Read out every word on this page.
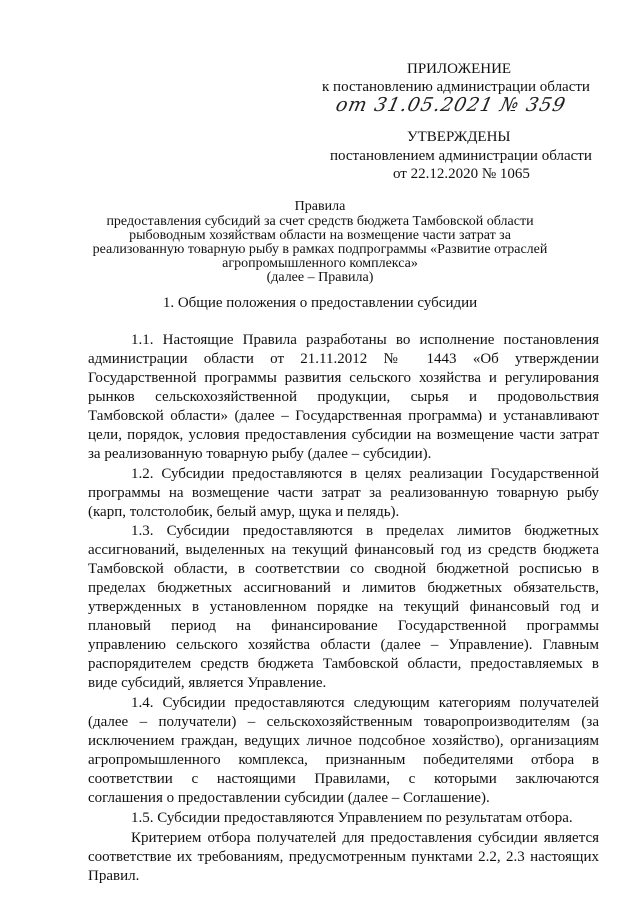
ПРИЛОЖЕНИЕ
к постановлению администрации области
от 31.05.2021 № 359
УТВЕРЖДЕНЫ
постановлением администрации области
от 22.12.2020 № 1065
Правила
предоставления субсидий за счет средств бюджета Тамбовской области
рыбоводным хозяйствам области на возмещение части затрат за
реализованную товарную рыбу в рамках подпрограммы «Развитие отраслей
агропромышленного комплекса»
(далее – Правила)
1. Общие положения о предоставлении субсидии
1.1. Настоящие Правила разработаны во исполнение постановления
администрации области от 21.11.2012 № 1443 «Об утверждении
Государственной программы развития сельского хозяйства и регулирования
рынков сельскохозяйственной продукции, сырья и продовольствия
Тамбовской области» (далее – Государственная программа) и устанавливают
цели, порядок, условия предоставления субсидии на возмещение части затрат
за реализованную товарную рыбу (далее – субсидии).
1.2. Субсидии предоставляются в целях реализации Государственной
программы на возмещение части затрат за реализованную товарную рыбу
(карп, толстолобик, белый амур, щука и пелядь).
1.3. Субсидии предоставляются в пределах лимитов бюджетных
ассигнований, выделенных на текущий финансовый год из средств бюджета
Тамбовской области, в соответствии со сводной бюджетной росписью в
пределах бюджетных ассигнований и лимитов бюджетных обязательств,
утвержденных в установленном порядке на текущий финансовый год и
плановый период на финансирование Государственной программы
управлению сельского хозяйства области (далее – Управление). Главным
распорядителем средств бюджета Тамбовской области, предоставляемых в
виде субсидий, является Управление.
1.4. Субсидии предоставляются следующим категориям получателей
(далее – получатели) – сельскохозяйственным товаропроизводителям (за
исключением граждан, ведущих личное подсобное хозяйство), организациям
агропромышленного комплекса, признанным победителями отбора в
соответствии с настоящими Правилами, с которыми заключаются
соглашения о предоставлении субсидии (далее – Соглашение).
1.5. Субсидии предоставляются Управлением по результатам отбора.
Критерием отбора получателей для предоставления субсидии является
соответствие их требованиям, предусмотренным пунктами 2.2, 2.3 настоящих
Правил.
